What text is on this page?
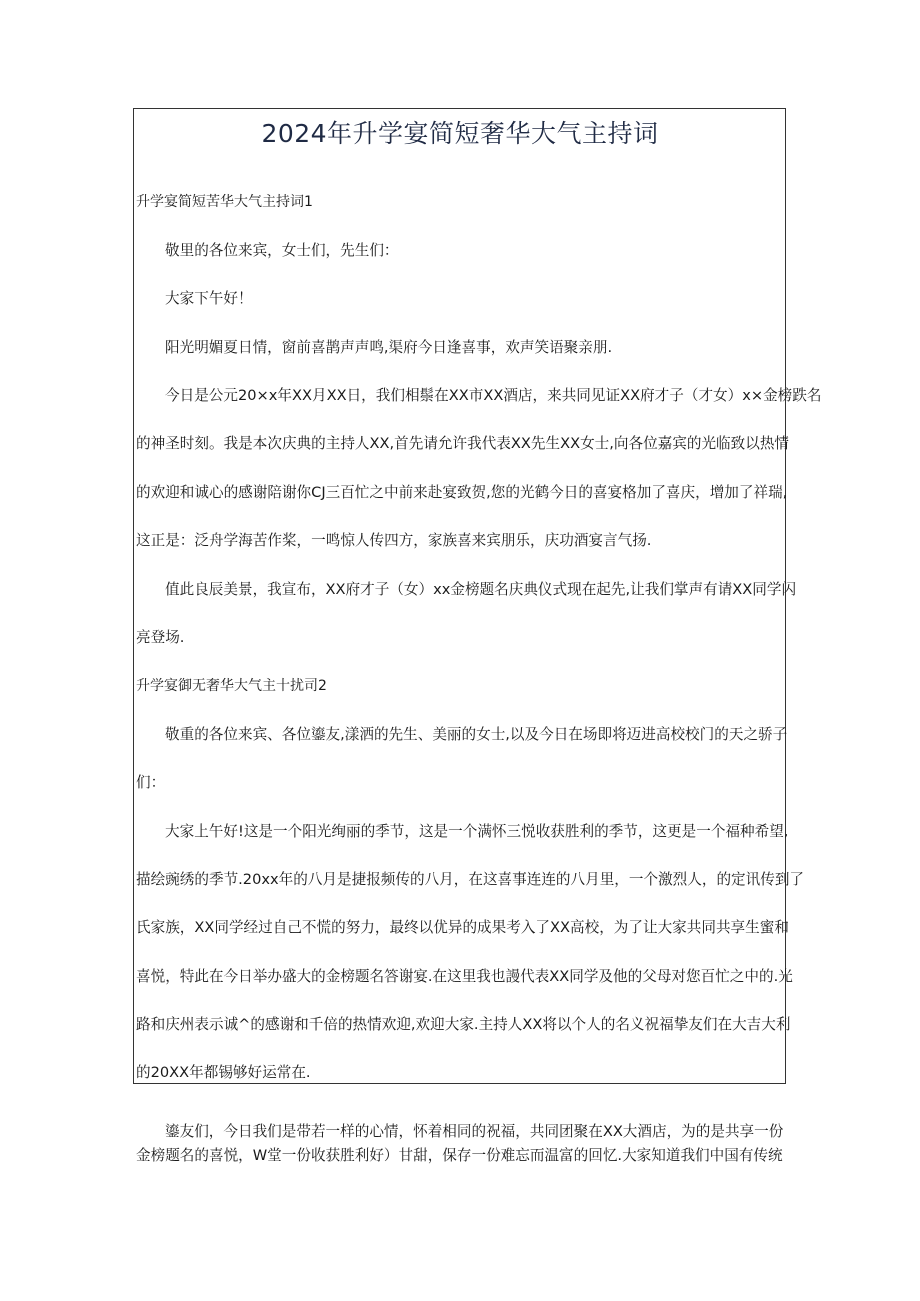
2024年升学宴简短奢华大气主持词
升学宴简短苦华大气主持词1
敬里的各位来宾，女士们，先生们：
大家下午好！
阳光明媚夏日情，窗前喜鹊声声鸣,渠府今日逢喜事，欢声笑语聚亲朋.
今日是公元20×x年XX月XX日，我们相鬃在XX市XX酒店，来共同见证XX府才子（才女）x×金榜跌名
的神圣时刻。我是本次庆典的主持人XX,首先请允许我代表XX先生XX女士,向各位嘉宾的光临致以热情
的欢迎和诚心的感谢陪谢你CJ三百忙之中前来赴宴致贺,您的光鹤今日的喜宴格加了喜庆，增加了祥瑞,
这正是：泛舟学海苦作桨，一鸣惊人传四方，家族喜来宾朋乐，庆功酒宴言气扬.
值此良辰美景，我宣布，XX府才子（女）xx金榜题名庆典仪式现在起先,让我们掌声有请XX同学闪
亮登场.
升学宴御无奢华大气主十扰司2
敬重的各位来宾、各位鎏友,漾洒的先生、美丽的女士,以及今日在场即将迈进高校校门的天之骄子
们：
大家上午好!这是一个阳光绚丽的季节，这是一个满怀三悦收获胜利的季节，这更是一个福种希望,
描绘豌绣的季节.20xx年的八月是捷报频传的八月，在这喜事连连的八月里，一个激烈人，的定讯传到了
氏家族，XX同学经过自己不慌的努力，最终以优异的成果考入了XX高校，为了让大家共同共享生蜜和
喜悦，特此在今日举办盛大的金榜题名答谢宴.在这里我也謾代表XX同学及他的父母对您百忙之中的.光
路和庆州表示诚^的感谢和千倍的热情欢迎,欢迎大家.主持人XX将以个人的名义祝福挚友们在大吉大利
的20XX年都锡够好运常在.
鎏友们，今日我们是带若一样的心情，怀着相同的祝福，共同团聚在XX大酒店，为的是共享一份
金榜题名的喜悦，W堂一份收获胜利好）甘甜，保存一份难忘而温富的回忆.大家知道我们中国有传统
